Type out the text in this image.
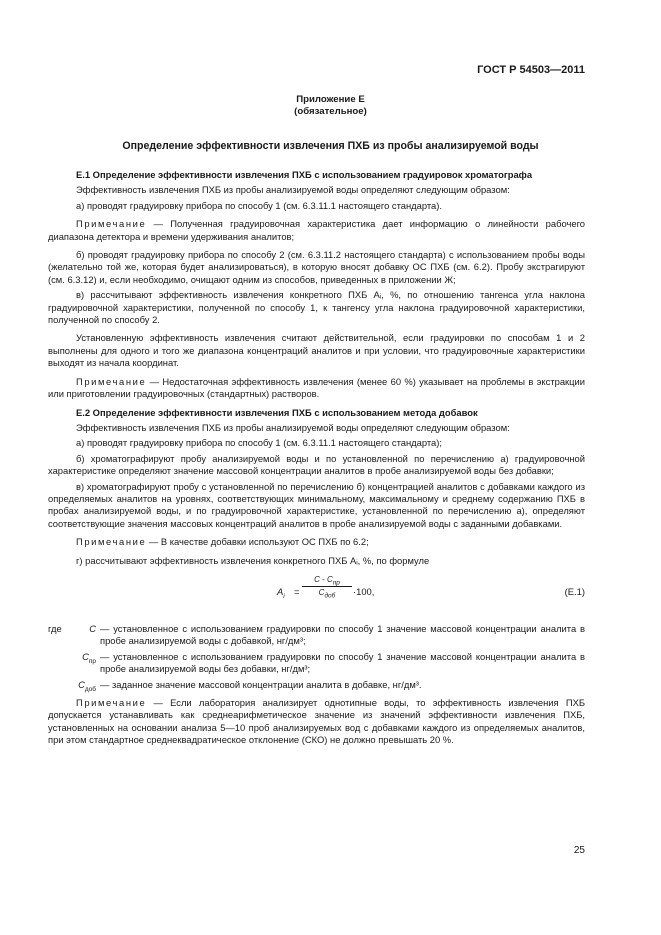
ГОСТ Р 54503—2011
Приложение Е
(обязательное)
Определение эффективности извлечения ПХБ из пробы анализируемой воды

Е.1 Определение эффективности извлечения ПХБ с использованием градуировок хроматографа

Эффективность извлечения ПХБ из пробы анализируемой воды определяют следующим образом:

а) проводят градуировку прибора по способу 1 (см. 6.3.11.1 настоящего стандарта).

Примечание — Полученная градуировочная характеристика дает информацию о линейности рабочего диапазона детектора и времени удерживания аналитов;

б) проводят градуировку прибора по способу 2 (см. 6.3.11.2 настоящего стандарта) с использованием пробы воды (желательно той же, которая будет анализироваться), в которую вносят добавку ОС ПХБ (см. 6.2). Пробу экстрагируют (см. 6.3.12) и, если необходимо, очищают одним из способов, приведенных в приложении Ж;

в) рассчитывают эффективность извлечения конкретного ПХБ Aᵢ, %, по отношению тангенса угла наклона градуировочной характеристики, полученной по способу 1, к тангенсу угла наклона градуировочной характеристики, полученной по способу 2.

Установленную эффективность извлечения считают действительной, если градуировки по способам 1 и 2 выполнены для одного и того же диапазона концентраций аналитов и при условии, что градуировочные характеристики выходят из начала координат.

Примечание — Недостаточная эффективность извлечения (менее 60 %) указывает на проблемы в экстракции или приготовлении градуировочных (стандартных) растворов.

Е.2 Определение эффективности извлечения ПХБ с использованием метода добавок

Эффективность извлечения ПХБ из пробы анализируемой воды определяют следующим образом:

а) проводят градуировку прибора по способу 1 (см. 6.3.11.1 настоящего стандарта);

б) хроматографируют пробу анализируемой воды и по установленной по перечислению а) градуировочной характеристике определяют значение массовой концентрации аналитов в пробе анализируемой воды без добавки;

в) хроматографируют пробу с установленной по перечислению б) концентрацией аналитов с добавками каждого из определяемых аналитов на уровнях, соответствующих минимальному, максимальному и среднему содержанию ПХБ в пробах анализируемой воды, и по градуировочной характеристике, установленной по перечислению а), определяют соответствующие значения массовых концентраций аналитов в пробе анализируемой воды с заданными добавками.

Примечание — В качестве добавки используют ОС ПХБ по 6.2;

г) рассчитывают эффективность извлечения конкретного ПХБ Aᵢ, %, по формуле

$A_i$ =
C - $C_{пр}$
$C_{доб}$	·100,	(Е.1)
где	C — установленное с использованием градуировки по способу 1 значение массовой концентрации аналита в пробе анализируемой воды с добавкой, нг/дм³;
$C_{пр}$ — установленное с использованием градуировки по способу 1 значение массовой концентрации аналита в пробе анализируемой воды без добавки, нг/дм³;
$C_{доб}$ — заданное значение массовой концентрации аналита в добавке, нг/дм³.

Примечание — Если лаборатория анализирует однотипные воды, то эффективность извлечения ПХБ допускается устанавливать как среднеарифметическое значение из значений эффективности извлечения ПХБ, установленных на основании анализа 5—10 проб анализируемых вод с добавками каждого из определяемых аналитов, при этом стандартное среднеквадратическое отклонение (СКО) не должно превышать 20 %.

25
